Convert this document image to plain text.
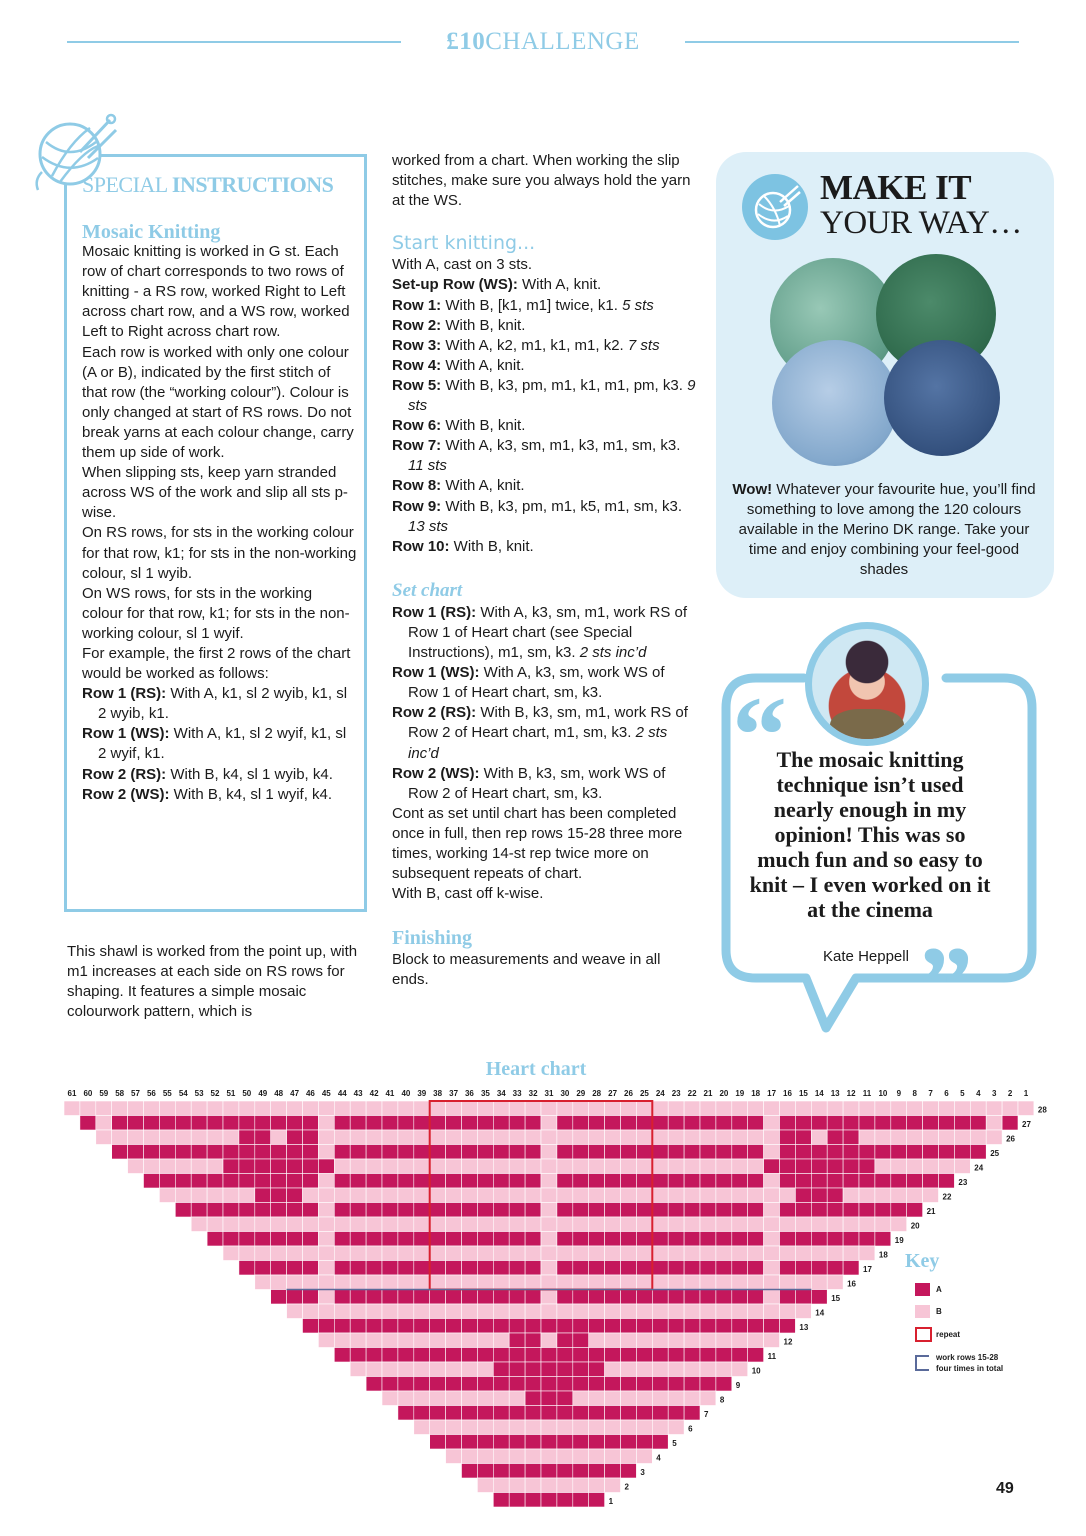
£10CHALLENGE
SPECIAL INSTRUCTIONS
Mosaic Knitting

Mosaic knitting is worked in G st. Each row of chart corresponds to two rows of knitting - a RS row, worked Right to Left across chart row, and a WS row, worked Left to Right across chart row.

Each row is worked with only one colour (A or B), indicated by the first stitch of that row (the “working colour”). Colour is only changed at start of RS rows. Do not break yarns at each colour change, carry them up side of work.

When slipping sts, keep yarn stranded across WS of the work and slip all sts p-wise.

On RS rows, for sts in the working colour for that row, k1; for sts in the non-working colour, sl 1 wyib.

On WS rows, for sts in the working colour for that row, k1; for sts in the non-working colour, sl 1 wyif.

For example, the first 2 rows of the chart would be worked as follows:

Row 1 (RS): With A, k1, sl 2 wyib, k1, sl 2 wyib, k1.

Row 1 (WS): With A, k1, sl 2 wyif, k1, sl 2 wyif, k1.

Row 2 (RS): With B, k4, sl 1 wyib, k4.

Row 2 (WS): With B, k4, sl 1 wyif, k4.

This shawl is worked from the point up, with m1 increases at each side on RS rows for shaping. It features a simple mosaic colourwork pattern, which is

worked from a chart. When working the slip stitches, make sure you always hold the yarn at the WS.

Start knitting...

With A, cast on 3 sts.

Set-up Row (WS): With A, knit.

Row 1: With B, [k1, m1] twice, k1. 5 sts

Row 2: With B, knit.

Row 3: With A, k2, m1, k1, m1, k2. 7 sts

Row 4: With A, knit.

Row 5: With B, k3, pm, m1, k1, m1, pm, k3. 9 sts

Row 6: With B, knit.

Row 7: With A, k3, sm, m1, k3, m1, sm, k3. 11 sts

Row 8: With A, knit.

Row 9: With B, k3, pm, m1, k5, m1, sm, k3. 13 sts

Row 10: With B, knit.

Set chart

Row 1 (RS): With A, k3, sm, m1, work RS of Row 1 of Heart chart (see Special Instructions), m1, sm, k3. 2 sts inc’d

Row 1 (WS): With A, k3, sm, work WS of Row 1 of Heart chart, sm, k3.

Row 2 (RS): With B, k3, sm, m1, work RS of Row 2 of Heart chart, m1, sm, k3. 2 sts inc’d

Row 2 (WS): With B, k3, sm, work WS of Row 2 of Heart chart, sm, k3.

Cont as set until chart has been completed once in full, then rep rows 15-28 three more times, working 14-st rep twice more on subsequent repeats of chart.

With B, cast off k-wise.

Finishing

Block to measurements and weave in all ends.

MAKE IT
YOUR WAY…
Wow! Whatever your favourite hue, you’ll find something to love among the 120 colours available in the Merino DK range. Take your time and enjoy combining your feel-good shades
“
”
The mosaic knitting technique isn’t used nearly enough in my opinion! This was so much fun and so easy to knit – I even worked on it at the cinema
Kate Heppell
Heart chart
28
27
26
25
24
23
22
21
20
19
18
17
16
15
14
13
12
11
10
9
8
7
6
5
4
3
2
1
61 60 59 58 57 56 55 54 53 52 51 50 49 48 47 46 45 44 43 42 41 40 39 38 37 36 35 34 33 32 31 30 29 28 27 26 25 24 23 22 21 20 19 18 17 16 15 14 13 12 11 10 9 8 7 6 5 4 3 2 1
Key
A
B
repeat
work rows 15-28
four times in total
49
